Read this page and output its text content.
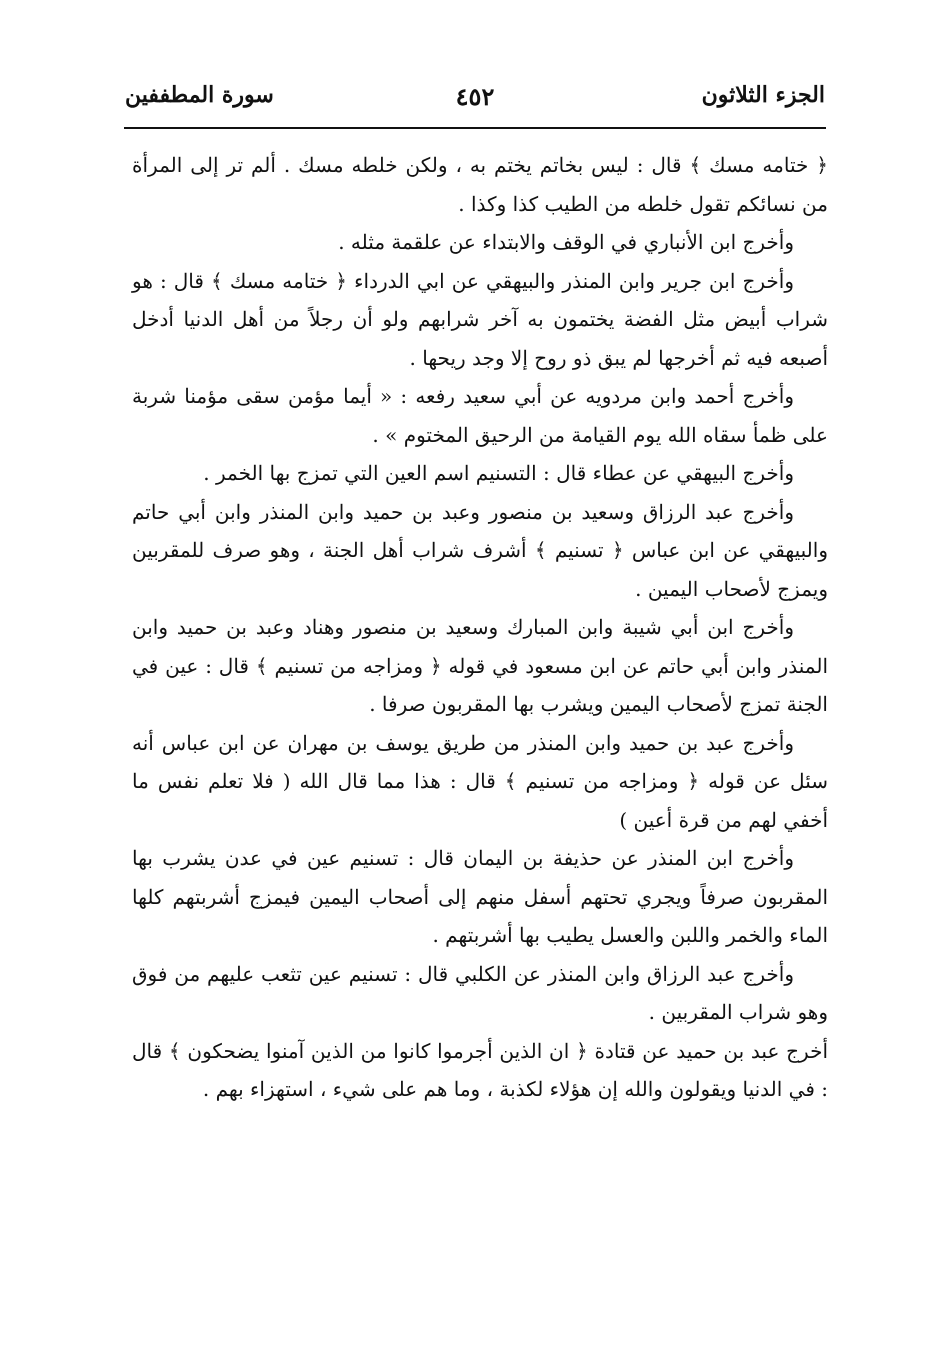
الجزء الثلاثون
٤٥٢
سورة المطففين

﴿ ختامه مسك ﴾ قال : ليس بخاتم يختم به ، ولكن خلطه مسك . ألم تر إلى المرأة من نسائكم تقول خلطه من الطيب كذا وكذا .

وأخرج ابن الأنباري في الوقف والابتداء عن علقمة مثله .

وأخرج ابن جرير وابن المنذر والبيهقي عن ابي الدرداء ﴿ ختامه مسك ﴾ قال : هو شراب أبيض مثل الفضة يختمون به آخر شرابهم ولو أن رجلاً من أهل الدنيا أدخل أصبعه فيه ثم أخرجها لم يبق ذو روح إلا وجد ريحها .

وأخرج أحمد وابن مردويه عن أبي سعيد رفعه : « أيما مؤمن سقى مؤمنا شربة على ظمأ سقاه الله يوم القيامة من الرحيق المختوم » .

وأخرج البيهقي عن عطاء قال : التسنيم اسم العين التي تمزج بها الخمر .

وأخرج عبد الرزاق وسعيد بن منصور وعبد بن حميد وابن المنذر وابن أبي حاتم والبيهقي عن ابن عباس ﴿ تسنيم ﴾ أشرف شراب أهل الجنة ، وهو صرف للمقربين ويمزج لأصحاب اليمين .

وأخرج ابن أبي شيبة وابن المبارك وسعيد بن منصور وهناد وعبد بن حميد وابن المنذر وابن أبي حاتم عن ابن مسعود في قوله ﴿ ومزاجه من تسنيم ﴾ قال : عين في الجنة تمزج لأصحاب اليمين ويشرب بها المقربون صرفا .

وأخرج عبد بن حميد وابن المنذر من طريق يوسف بن مهران عن ابن عباس أنه سئل عن قوله ﴿ ومزاجه من تسنيم ﴾ قال : هذا مما قال الله ( فلا تعلم نفس ما أخفي لهم من قرة أعين )

وأخرج ابن المنذر عن حذيفة بن اليمان قال : تسنيم عين في عدن يشرب بها المقربون صرفاً ويجري تحتهم أسفل منهم إلى أصحاب اليمين فيمزج أشربتهم كلها الماء والخمر واللبن والعسل يطيب بها أشربتهم .

وأخرج عبد الرزاق وابن المنذر عن الكلبي قال : تسنيم عين تثعب عليهم من فوق وهو شراب المقربين .

أخرج عبد بن حميد عن قتادة ﴿ ان الذين أجرموا كانوا من الذين آمنوا يضحكون ﴾ قال : في الدنيا ويقولون والله إن هؤلاء لكذبة ، وما هم على شيء ، استهزاء بهم .
